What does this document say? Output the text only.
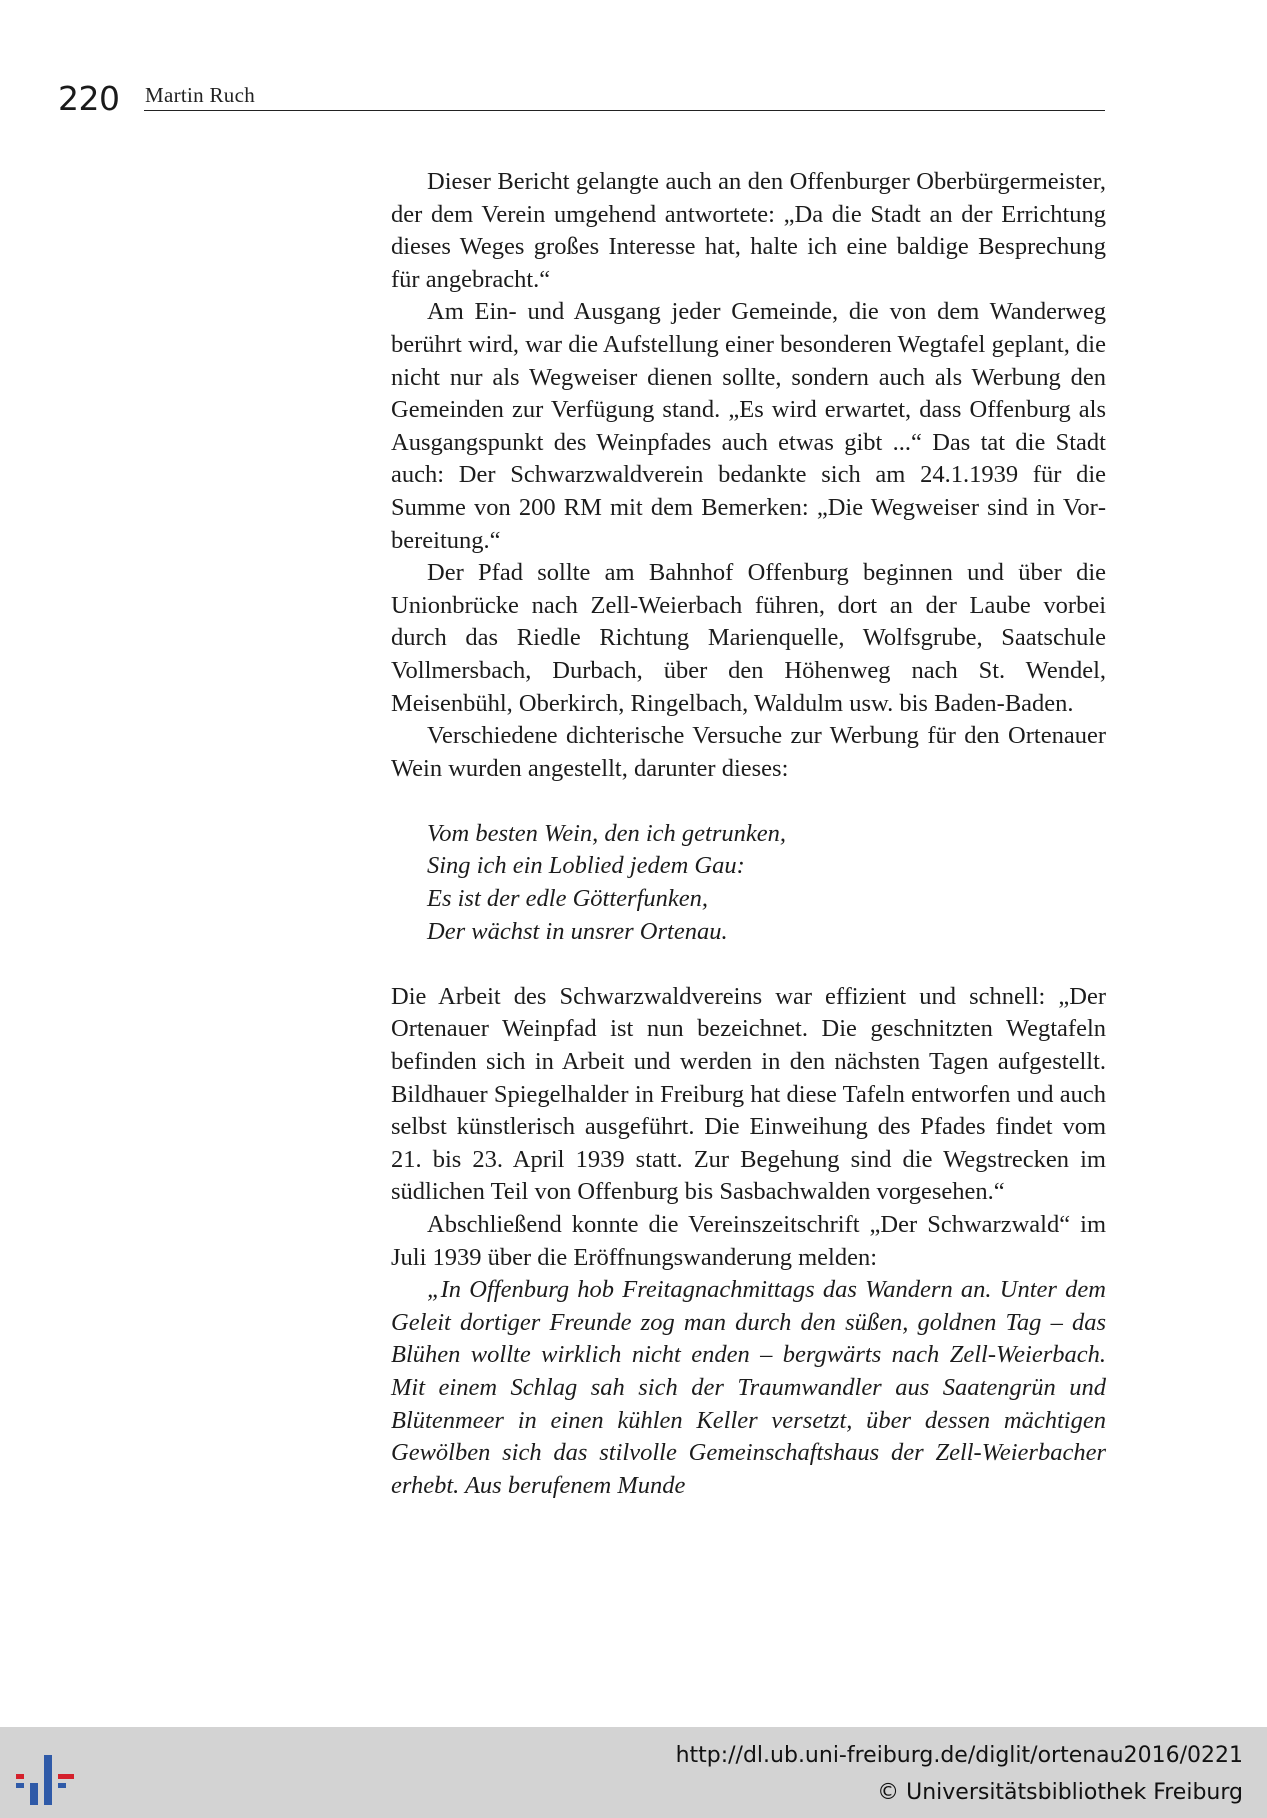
220 Martin Ruch

Dieser Bericht gelangte auch an den Offenburger Oberbürgermeister, der dem Verein umgehend antwortete: „Da die Stadt an der Errichtung dieses Weges großes Interesse hat, halte ich eine baldige Besprechung für angebracht.“

Am Ein- und Ausgang jeder Gemeinde, die von dem Wanderweg berührt wird, war die Aufstellung einer besonderen Wegtafel geplant, die nicht nur als Wegweiser dienen sollte, sondern auch als Werbung den Gemeinden zur Verfügung stand. „Es wird erwartet, dass Offenburg als Ausgangspunkt des Weinpfades auch etwas gibt ...“ Das tat die Stadt auch: Der Schwarzwaldverein bedankte sich am 24.1.1939 für die Summe von 200 RM mit dem Bemerken: „Die Wegweiser sind in Vorbereitung.“

Der Pfad sollte am Bahnhof Offenburg beginnen und über die Unionbrücke nach Zell-Weierbach führen, dort an der Laube vorbei durch das Riedle Richtung Marienquelle, Wolfsgrube, Saatschule Vollmersbach, Durbach, über den Höhenweg nach St. Wendel, Meisenbühl, Oberkirch, Ringelbach, Waldulm usw. bis Baden-Baden.

Verschiedene dichterische Versuche zur Werbung für den Ortenauer Wein wurden angestellt, darunter dieses:

Vom besten Wein, den ich getrunken,
Sing ich ein Loblied jedem Gau:
Es ist der edle Götterfunken,
Der wächst in unsrer Ortenau.

Die Arbeit des Schwarzwaldvereins war effizient und schnell: „Der Ortenauer Weinpfad ist nun bezeichnet. Die geschnitzten Wegtafeln befinden sich in Arbeit und werden in den nächsten Tagen aufgestellt. Bildhauer Spiegelhalder in Freiburg hat diese Tafeln entworfen und auch selbst künstlerisch ausgeführt. Die Einweihung des Pfades findet vom 21. bis 23. April 1939 statt. Zur Begehung sind die Wegstrecken im südlichen Teil von Offenburg bis Sasbachwalden vorgesehen.“

Abschließend konnte die Vereinszeitschrift „Der Schwarzwald“ im Juli 1939 über die Eröffnungswanderung melden:

„In Offenburg hob Freitagnachmittags das Wandern an. Unter dem Geleit dortiger Freunde zog man durch den süßen, goldnen Tag – das Blühen wollte wirklich nicht enden – bergwärts nach Zell-Weierbach. Mit einem Schlag sah sich der Traumwandler aus Saatengrün und Blütenmeer in einen kühlen Keller versetzt, über dessen mächtigen Gewölben sich das stilvolle Gemeinschaftshaus der Zell-Weierbacher erhebt. Aus berufenem Munde

http://dl.ub.uni-freiburg.de/diglit/ortenau2016/0221
© Universitätsbibliothek Freiburg
